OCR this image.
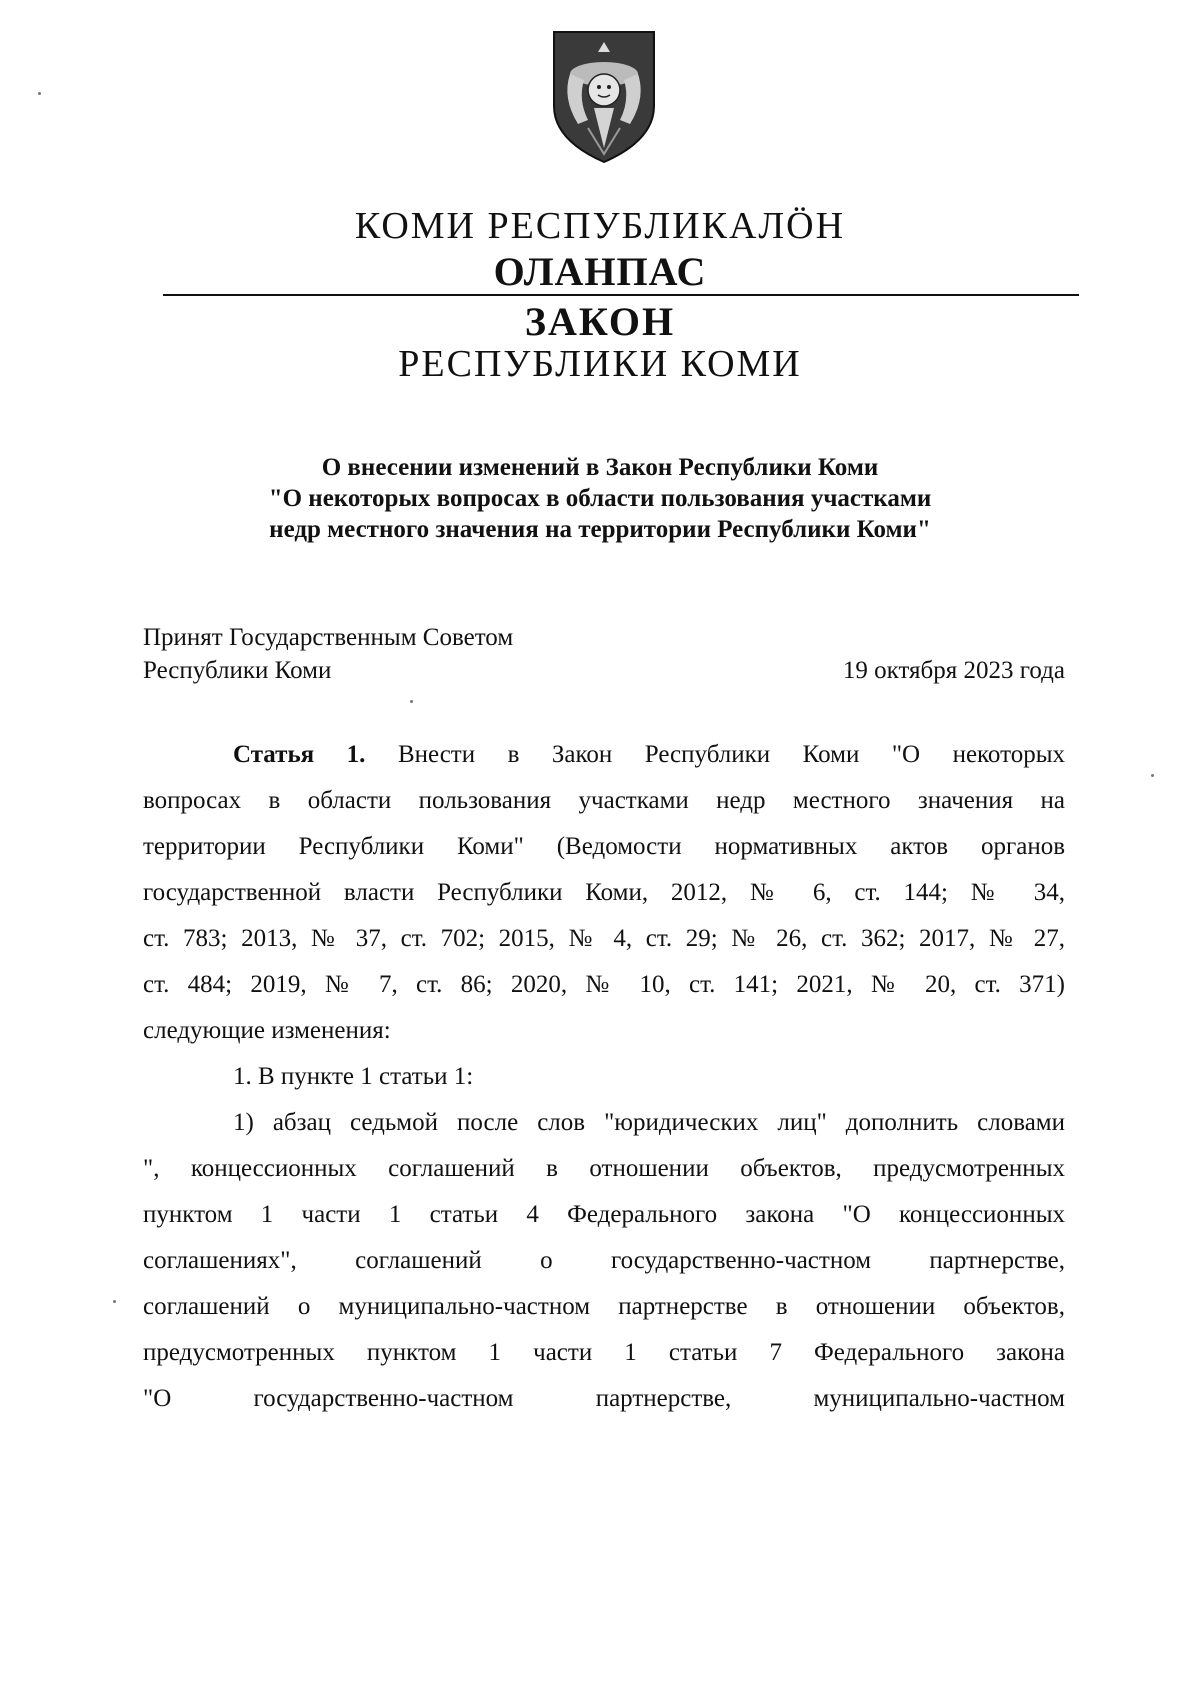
КОМИ РЕСПУБЛИКАЛÖН
ОЛАНПАС
ЗАКОН
РЕСПУБЛИКИ КОМИ
О внесении изменений в Закон Республики Коми
"О некоторых вопросах в области пользования участками
недр местного значения на территории Республики Коми"
Принят Государственным Советом
Республики Коми	19 октября 2023 года
Статья 1. Внести в Закон Республики Коми "О некоторых
вопросах в области пользования участками недр местного значения на
территории Республики Коми" (Ведомости нормативных актов органов
государственной власти Республики Коми, 2012, № 6, ст. 144; № 34,
ст. 783; 2013, № 37, ст. 702; 2015, № 4, ст. 29; № 26, ст. 362; 2017, № 27,
ст. 484; 2019, № 7, ст. 86; 2020, № 10, ст. 141; 2021, № 20, ст. 371)
следующие изменения:
1. В пункте 1 статьи 1:
1) абзац седьмой после слов "юридических лиц" дополнить словами
", концессионных соглашений в отношении объектов, предусмотренных
пунктом 1 части 1 статьи 4 Федерального закона "О концессионных
соглашениях", соглашений о государственно-частном партнерстве,
соглашений о муниципально-частном партнерстве в отношении объектов,
предусмотренных пунктом 1 части 1 статьи 7 Федерального закона
"О государственно-частном партнерстве, муниципально-частном
